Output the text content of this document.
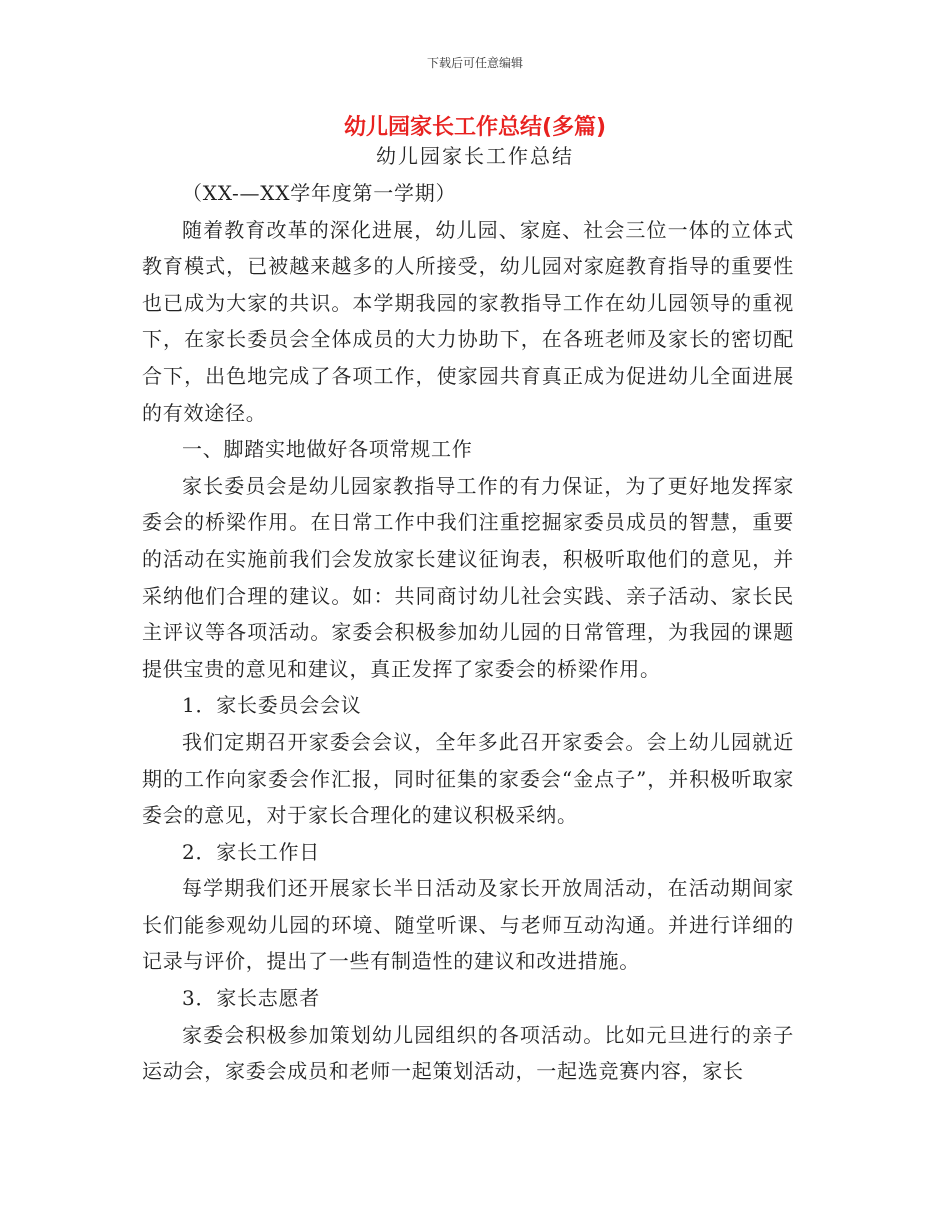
下载后可任意编辑
幼儿园家长工作总结(多篇)
幼儿园家长工作总结

（XX-—XX学年度第一学期）

随着教育改革的深化进展，幼儿园、家庭、社会三位一体的立体式教育模式，已被越来越多的人所接受，幼儿园对家庭教育指导的重要性也已成为大家的共识。本学期我园的家教指导工作在幼儿园领导的重视下，在家长委员会全体成员的大力协助下，在各班老师及家长的密切配合下，出色地完成了各项工作，使家园共育真正成为促进幼儿全面进展的有效途径。

一、脚踏实地做好各项常规工作

家长委员会是幼儿园家教指导工作的有力保证，为了更好地发挥家委会的桥梁作用。在日常工作中我们注重挖掘家委员成员的智慧，重要的活动在实施前我们会发放家长建议征询表，积极听取他们的意见，并采纳他们合理的建议。如：共同商讨幼儿社会实践、亲子活动、家长民主评议等各项活动。家委会积极参加幼儿园的日常管理，为我园的课题提供宝贵的意见和建议，真正发挥了家委会的桥梁作用。

1．家长委员会会议

我们定期召开家委会会议，全年多此召开家委会。会上幼儿园就近期的工作向家委会作汇报，同时征集的家委会“金点子”，并积极听取家委会的意见，对于家长合理化的建议积极采纳。

2．家长工作日

每学期我们还开展家长半日活动及家长开放周活动，在活动期间家长们能参观幼儿园的环境、随堂听课、与老师互动沟通。并进行详细的记录与评价，提出了一些有制造性的建议和改进措施。

3．家长志愿者

家委会积极参加策划幼儿园组织的各项活动。比如元旦进行的亲子运动会，家委会成员和老师一起策划活动，一起选竞赛内容，家长
